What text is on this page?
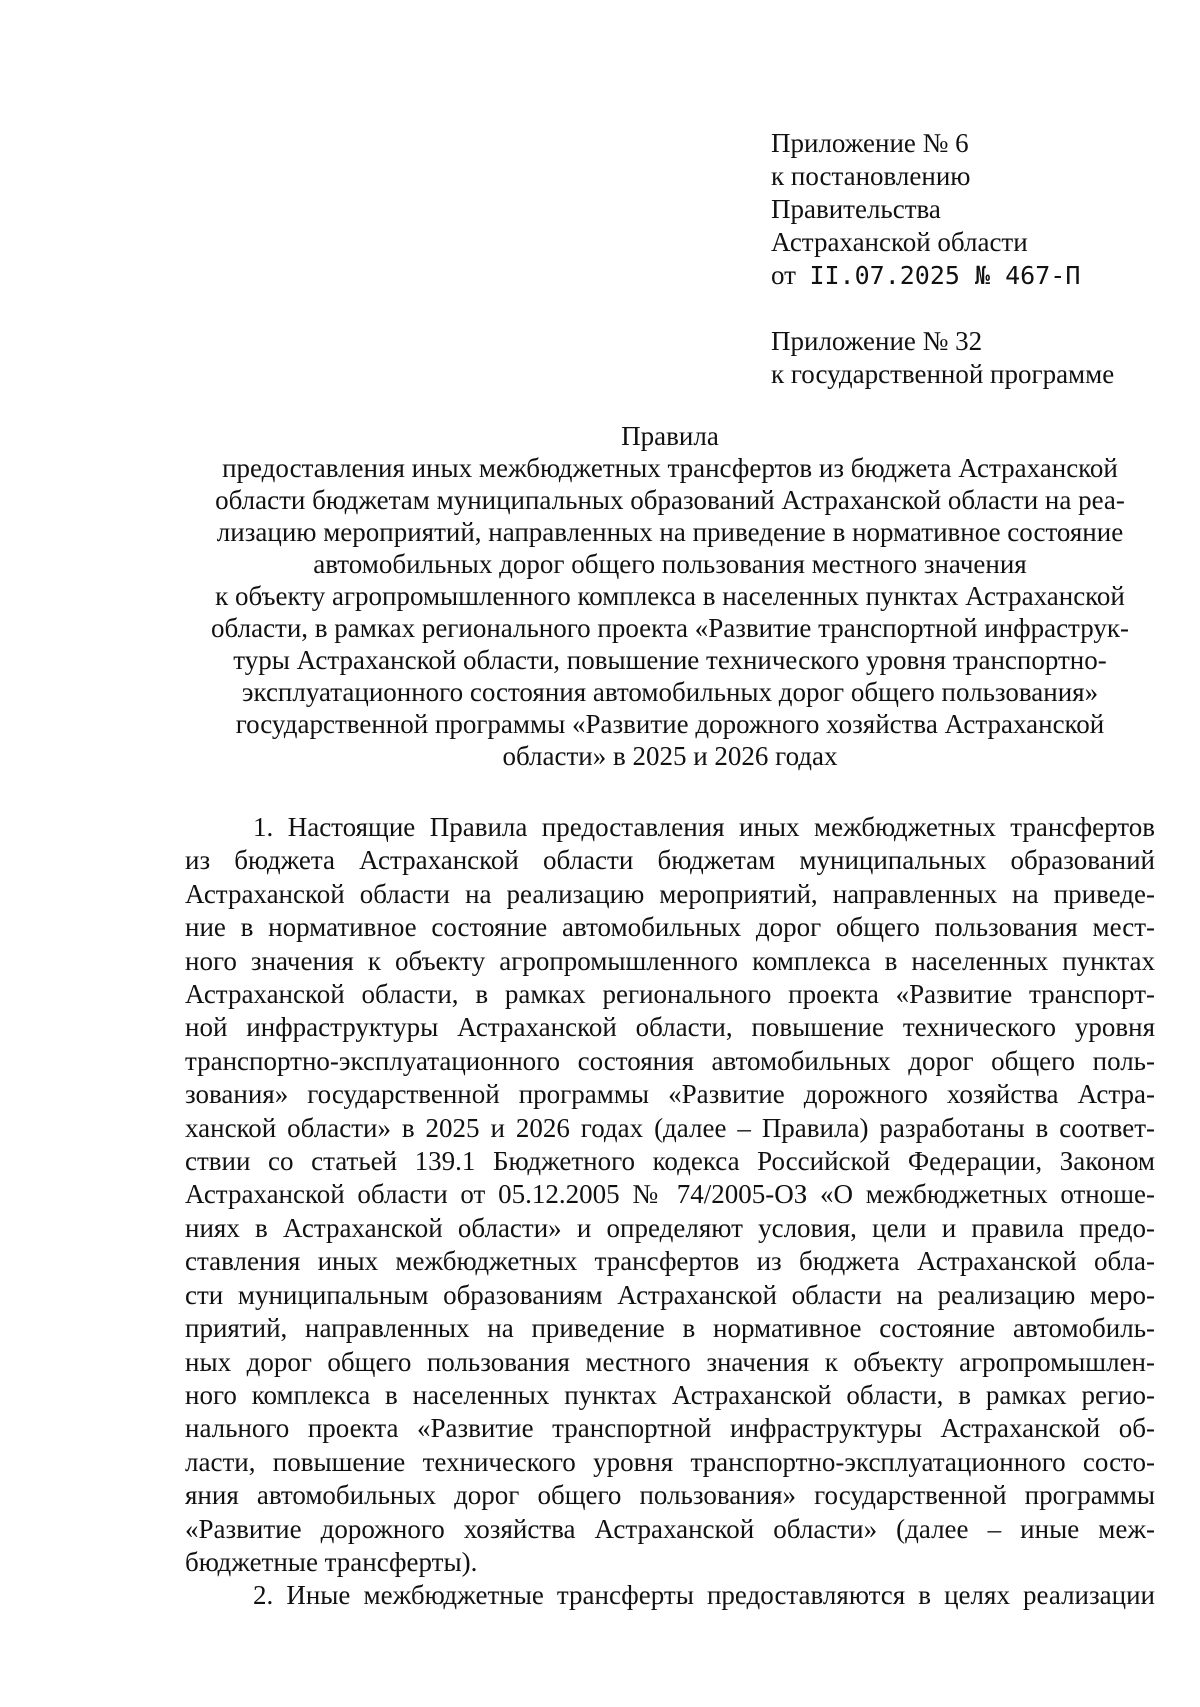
Приложение № 6

к постановлению

Правительства

Астраханской области

от II.07.2025 № 467-П

Приложение № 32

к государственной программе

Правила

предоставления иных межбюджетных трансфертов из бюджета Астраханской

области бюджетам муниципальных образований Астраханской области на реа-

лизацию мероприятий, направленных на приведение в нормативное состояние

автомобильных дорог общего пользования местного значения

к объекту агропромышленного комплекса в населенных пунктах Астраханской

области, в рамках регионального проекта «Развитие транспортной инфраструк-

туры Астраханской области, повышение технического уровня транспортно-

эксплуатационного состояния автомобильных дорог общего пользования»

государственной программы «Развитие дорожного хозяйства Астраханской

области» в 2025 и 2026 годах

1. Настоящие Правила предоставления иных межбюджетных трансфертов

из бюджета Астраханской области бюджетам муниципальных образований

Астраханской области на реализацию мероприятий, направленных на приведе-

ние в нормативное состояние автомобильных дорог общего пользования мест-

ного значения к объекту агропромышленного комплекса в населенных пунктах

Астраханской области, в рамках регионального проекта «Развитие транспорт-

ной инфраструктуры Астраханской области, повышение технического уровня

транспортно-эксплуатационного состояния автомобильных дорог общего поль-

зования» государственной программы «Развитие дорожного хозяйства Астра-

ханской области» в 2025 и 2026 годах (далее – Правила) разработаны в соответ-

ствии со статьей 139.1 Бюджетного кодекса Российской Федерации, Законом

Астраханской области от 05.12.2005 № 74/2005-ОЗ «О межбюджетных отноше-

ниях в Астраханской области» и определяют условия, цели и правила предо-

ставления иных межбюджетных трансфертов из бюджета Астраханской обла-

сти муниципальным образованиям Астраханской области на реализацию меро-

приятий, направленных на приведение в нормативное состояние автомобиль-

ных дорог общего пользования местного значения к объекту агропромышлен-

ного комплекса в населенных пунктах Астраханской области, в рамках регио-

нального проекта «Развитие транспортной инфраструктуры Астраханской об-

ласти, повышение технического уровня транспортно-эксплуатационного состо-

яния автомобильных дорог общего пользования» государственной программы

«Развитие дорожного хозяйства Астраханской области» (далее – иные меж-

бюджетные трансферты).

2. Иные межбюджетные трансферты предоставляются в целях реализации
